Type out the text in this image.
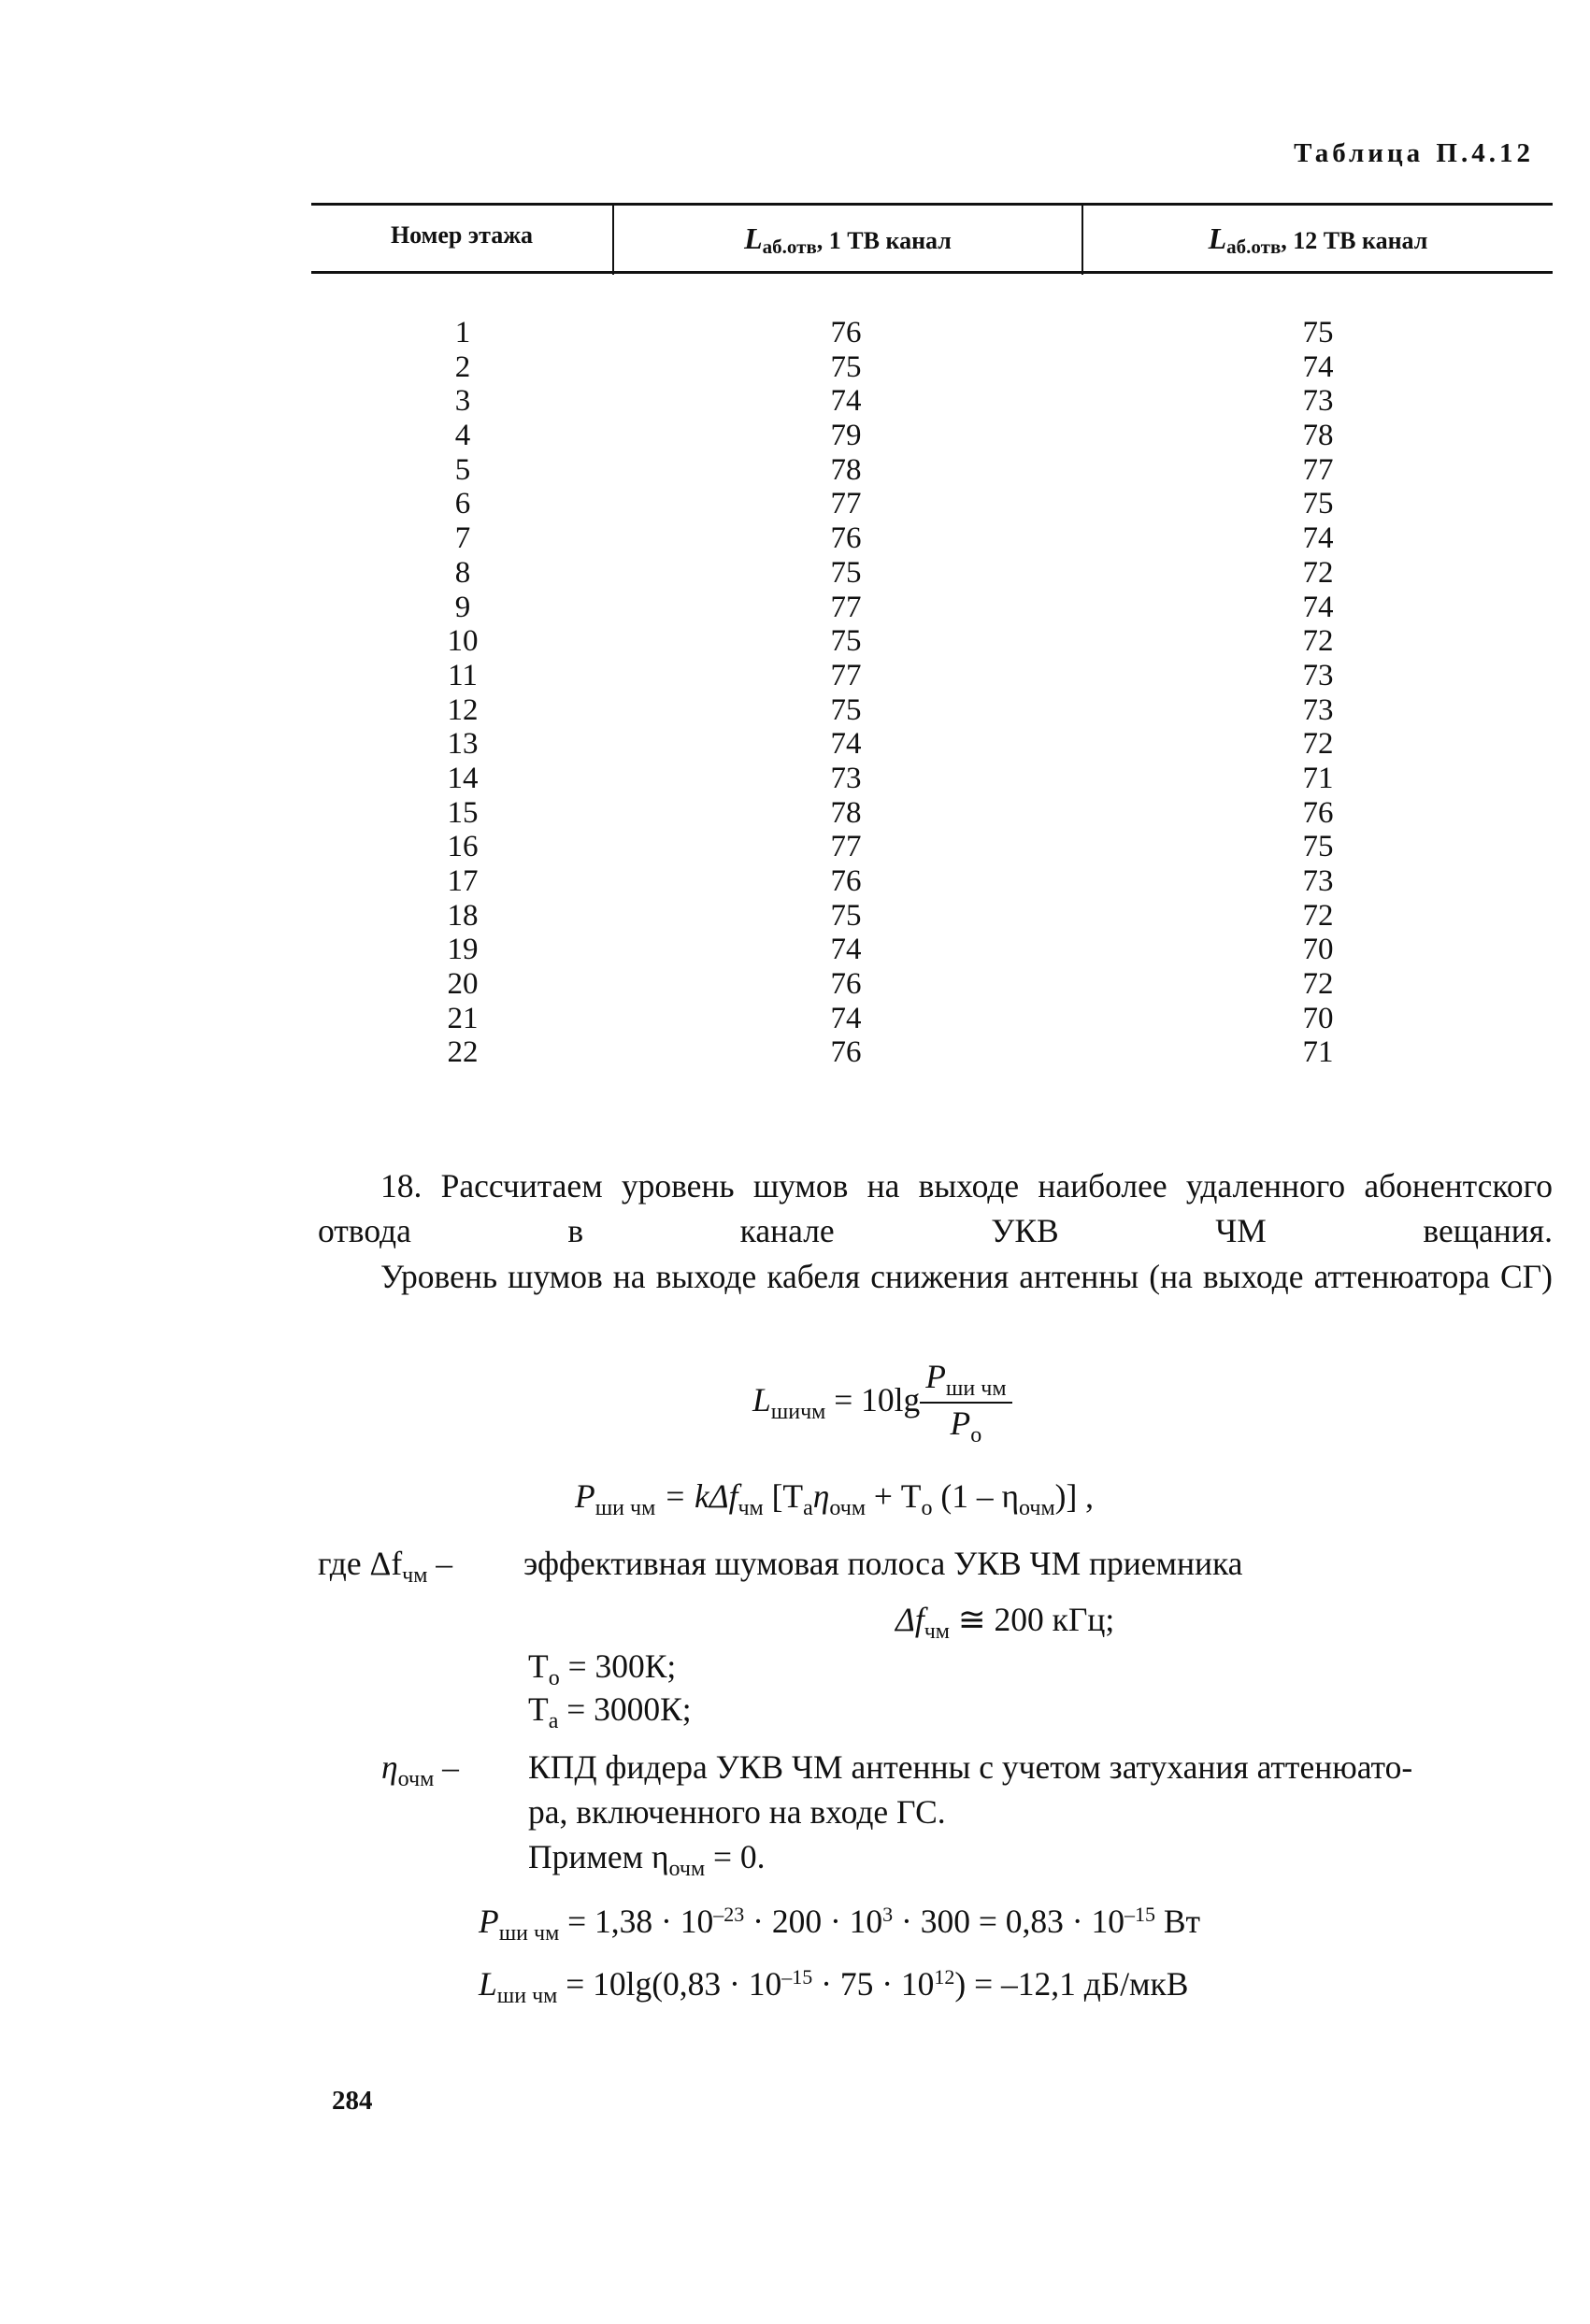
Таблица П.4.12
Номер этажа	$L_{аб.отв}$, 1 ТВ канал	$L_{аб.отв}$, 12 ТВ канал
1
2
3
4
5
6
7
8
9
10
11
12
13
14
15
16
17
18
19
20
21
22
76
75
74
79
78
77
76
75
77
75
77
75
74
73
78
77
76
75
74
76
74
76
75
74
73
78
77
75
74
72
74
72
73
73
72
71
76
75
73
72
70
72
70
71
18. Рассчитаем уровень шумов на выходе наиболее удаленного абонентского отвода в канале УКВ ЧМ вещания.
Уровень шумов на выходе кабеля снижения антенны (на выходе аттенюатора СГ)
$L_{шичм} = 10\lg \frac{P_{ши чм}}{P_о}$
$P_{ши чм} = k\Delta f_{чм}$ [$T_а\eta_{очм} + T_о$ $(1 - \eta_{очм})$] ,
где $\Delta f_{чм}$ – эффективная шумовая полоса УКВ ЧМ приемника
$\Delta f_{чм}$ ≅ 200 кГц;
$T_о = 300К$;
$T_а = 3000К$;
$\eta_{очм}$ – КПД фидера УКВ ЧМ антенны с учетом затухания аттенюато-
ра, включенного на входе ГС.
Примем $\eta_{очм} = 0$.
$P_{ши чм} = 1,38 \cdot 10^{-23} \cdot 200 \cdot 10^3 \cdot 300 = 0,83 \cdot 10^{-15}$ Вт
$L_{ши чм} = 10\lg(0,83 \cdot 10^{-15} \cdot 75 \cdot 10^{12}) = -12,1$ дБ/мкВ
284
